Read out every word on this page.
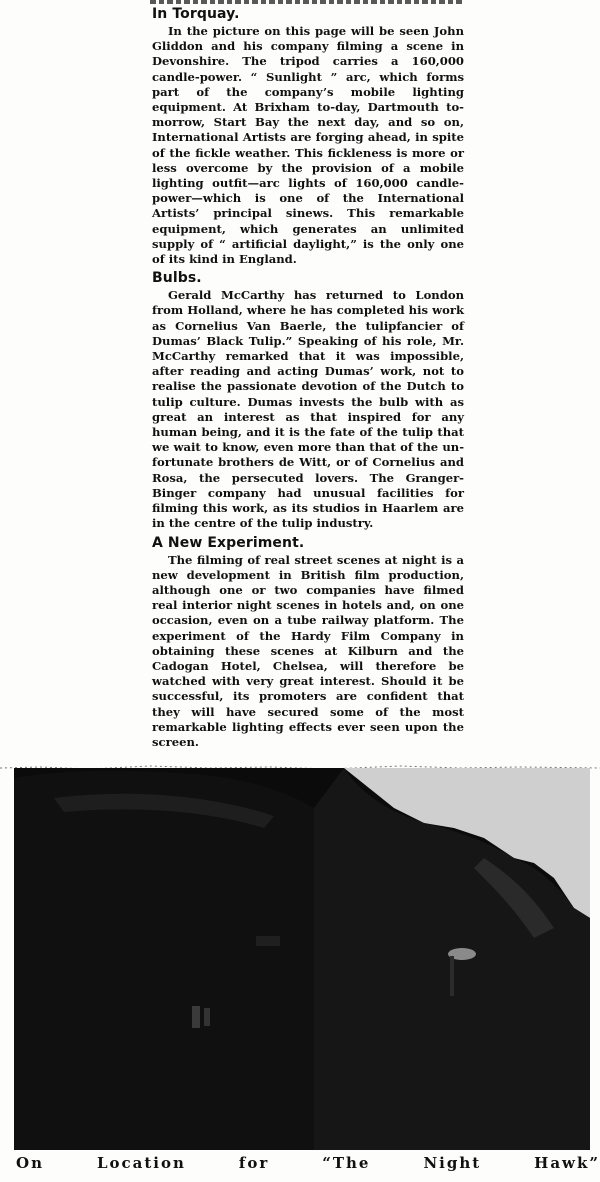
In Torquay.

In the picture on this page will be seen John Gliddon and his company filming a scene in Devonshire. The tripod carries a 160,000 candle-power. “ Sunlight ” arc, which forms part of the company’s mobile lighting equipment. At Brixham to-day, Dartmouth to-morrow, Start Bay the next day, and so on, International Artists are forging ahead, in spite of the fickle weather. This fickleness is more or less overcome by the provision of a mobile lighting outfit—arc lights of 160,000 candle-power—which is one of the International Artists’ principal sinews. This remarkable equipment, which generates an unlimited supply of “ artificial daylight,” is the only one of its kind in England.

Bulbs.

Gerald McCarthy has returned to London from Holland, where he has completed his work as Cornelius Van Baerle, the tulipfancier of Dumas’ Black Tulip.” Speaking of his role, Mr. McCarthy remarked that it was impossible, after reading and acting Dumas’ work, not to realise the passionate devotion of the Dutch to tulip culture. Dumas invests the bulb with as great an interest as that inspired for any human being, and it is the fate of the tulip that we wait to know, even more than that of the unfortunate brothers de Witt, or of Cornelius and Rosa, the persecuted lovers. The Granger-Binger company had unusual facilities for filming this work, as its studios in Haarlem are in the centre of the tulip industry.

A New Experiment.

The filming of real street scenes at night is a new development in British film production, although one or two companies have filmed real interior night scenes in hotels and, on one occasion, even on a tube railway platform. The experiment of the Hardy Film Company in obtaining these scenes at Kilburn and the Cadogan Hotel, Chelsea, will therefore be watched with very great interest. Should it be successful, its promoters are confident that they will have secured some of the most remarkable lighting effects ever seen upon the screen.

On	Location	for	“The	Night	Hawk”
